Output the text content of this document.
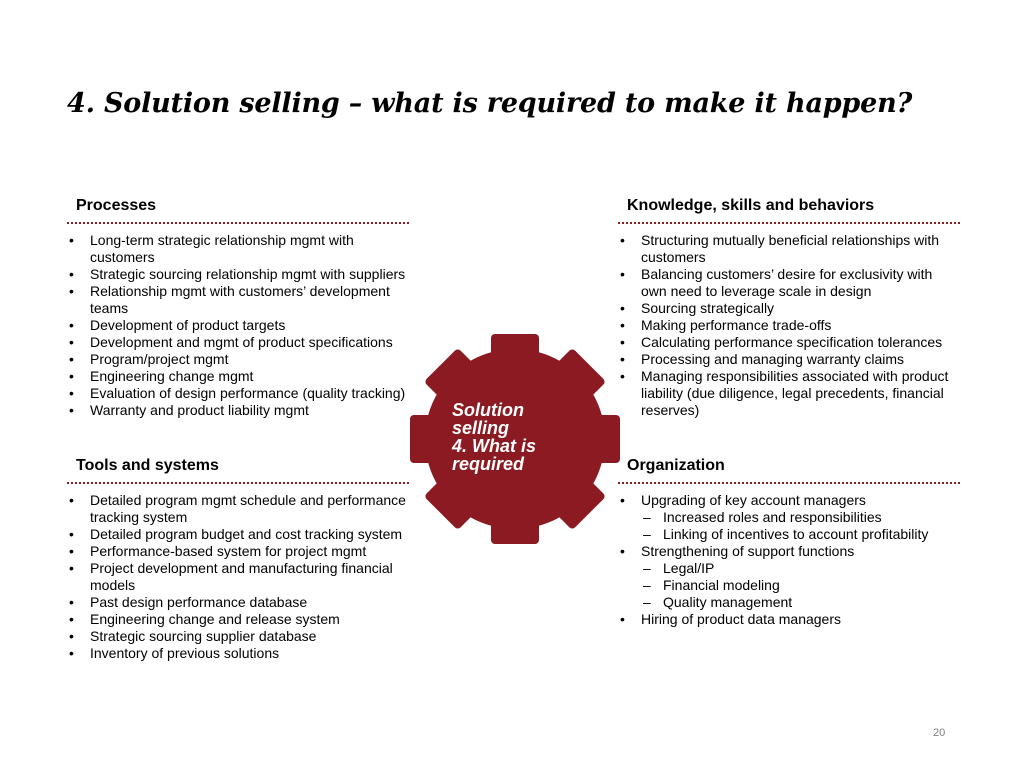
4. Solution selling – what is required to make it happen?
Processes
• Long-term strategic relationship mgmt with customers
• Strategic sourcing relationship mgmt with suppliers
• Relationship mgmt with customers’ development teams
• Development of product targets
• Development and mgmt of product specifications
• Program/project mgmt
• Engineering change mgmt
• Evaluation of design performance (quality tracking)
• Warranty and product liability mgmt
Knowledge, skills and behaviors
• Structuring mutually beneficial relationships with customers
• Balancing customers’ desire for exclusivity with own need to leverage scale in design
• Sourcing strategically
• Making performance trade-offs
• Calculating performance specification tolerances
• Processing and managing warranty claims
• Managing responsibilities associated with product liability (due diligence, legal precedents, financial reserves)
Tools and systems
• Detailed program mgmt schedule and performance tracking system
• Detailed program budget and cost tracking system
• Performance-based system for project mgmt
• Project development and manufacturing financial models
• Past design performance database
• Engineering change and release system
• Strategic sourcing supplier database
• Inventory of previous solutions
Organization
• Upgrading of key account managers
– Increased roles and responsibilities
– Linking of incentives to account profitability
• Strengthening of support functions
– Legal/IP
– Financial modeling
– Quality management
• Hiring of product data managers
Solution
selling
4. What is
required
20
